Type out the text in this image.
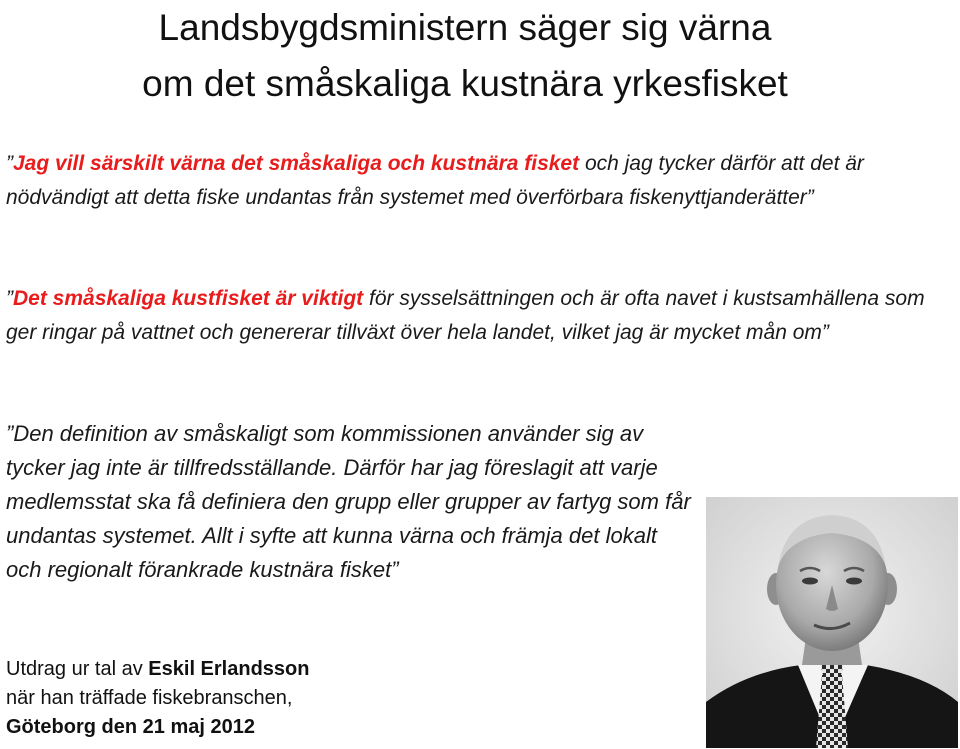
Landsbygdsministern säger sig värna
om det småskaliga kustnära yrkesfisket

”Jag vill särskilt värna det småskaliga och kustnära fisket och jag tycker därför att det är nödvändigt att detta fiske undantas från systemet med överförbara fiskenyttjanderätter”

”Det småskaliga kustfisket är viktigt för sysselsättningen och är ofta navet i kustsamhällena som ger ringar på vattnet och genererar tillväxt över hela landet, vilket jag är mycket mån om”

”Den definition av småskaligt som kommissionen använder sig av tycker jag inte är tillfredsställande. Därför har jag föreslagit att varje medlemsstat ska få definiera den grupp eller grupper av fartyg som får undantas systemet. Allt i syfte att kunna värna och främja det lokalt och regionalt förankrade kustnära fisket”

Utdrag ur tal av Eskil Erlandsson
när han träffade fiskebranschen,
Göteborg den 21 maj 2012
